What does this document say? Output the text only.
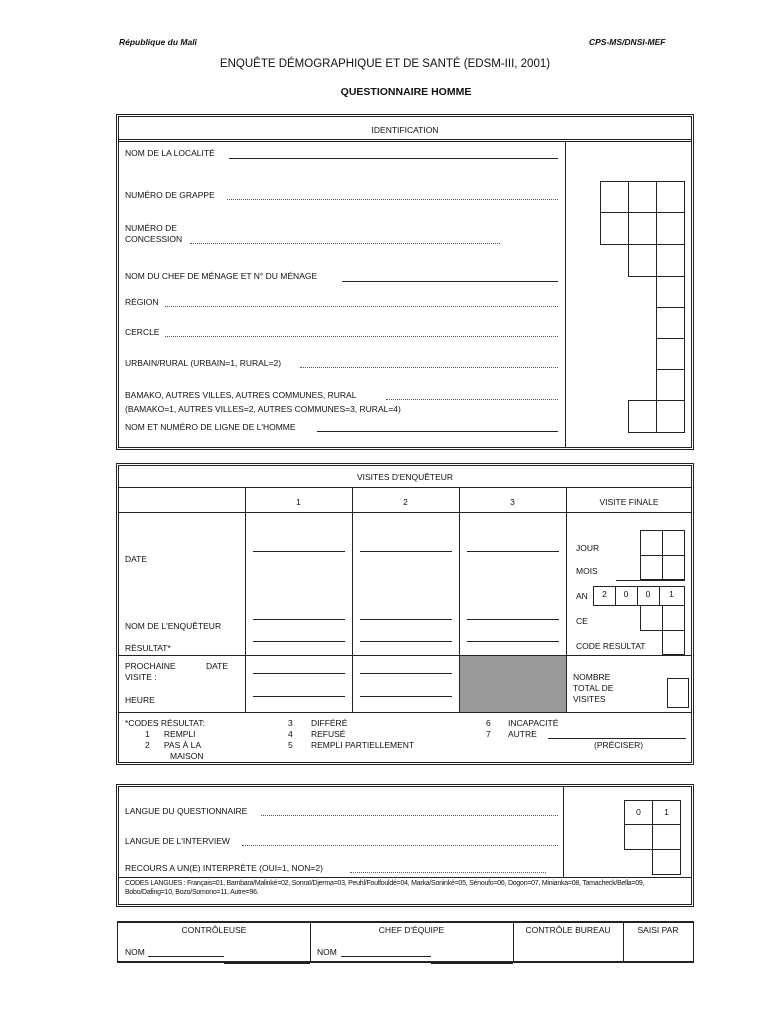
République du Mali	CPS-MS/DNSI-MEF
ENQUÊTE DÉMOGRAPHIQUE ET DE SANTÉ (EDSM-III, 2001)
QUESTIONNAIRE HOMME
IDENTIFICATION
NOM DE LA LOCALITÉ
NUMÉRO DE GRAPPE
NUMÉRO DE
CONCESSION
NOM DU CHEF DE MÉNAGE ET N° DU MÉNAGE
RÉGION
CERCLE
URBAIN/RURAL (URBAIN=1, RURAL=2)
BAMAKO, AUTRES VILLES, AUTRES COMMUNES, RURAL
(BAMAKO=1, AUTRES VILLES=2, AUTRES COMMUNES=3, RURAL=4)
NOM ET NUMÉRO DE LIGNE DE L'HOMME
VISITES D'ENQUÊTEUR
1	2	3	VISITE FINALE
DATE
NOM DE L'ENQUÊTEUR
RÉSULTAT*
PROCHAINE	DATE
VISITE :
HEURE
JOUR
MOIS
AN
CE
CODE RESULTAT
2	0	0	1
NOMBRE
TOTAL DE
VISITES
*CODES RÉSULTAT:
1      REMPLI
2      PAS À LA
MAISON
3 DIFFÉRÉ
4 REFUSÉ
5 REMPLI PARTIELLEMENT
6 INCAPACITÉ
7 AUTRE
(PRÉCISER)
LANGUE DU QUESTIONNAIRE
LANGUE DE L'INTERVIEW
RECOURS A UN(E) INTERPRÈTE (OUI=1, NON=2)
0	1
CODES LANGUES : Français=01, Bambara/Malinké=02, Sonraï/Djerma=03, Peuhl/Foulfouldé=04, Marka/Soninké=05, Sénoufo=06, Dogon=07, Minianka=08, Tamacheck/Bella=09, Bobo/Dafing=10, Bozo/Somono=11, Autre=96.
CONTRÔLEUSE	CHEF D'ÉQUIPE	CONTRÔLE BUREAU	SAISI PAR
NOM	NOM
